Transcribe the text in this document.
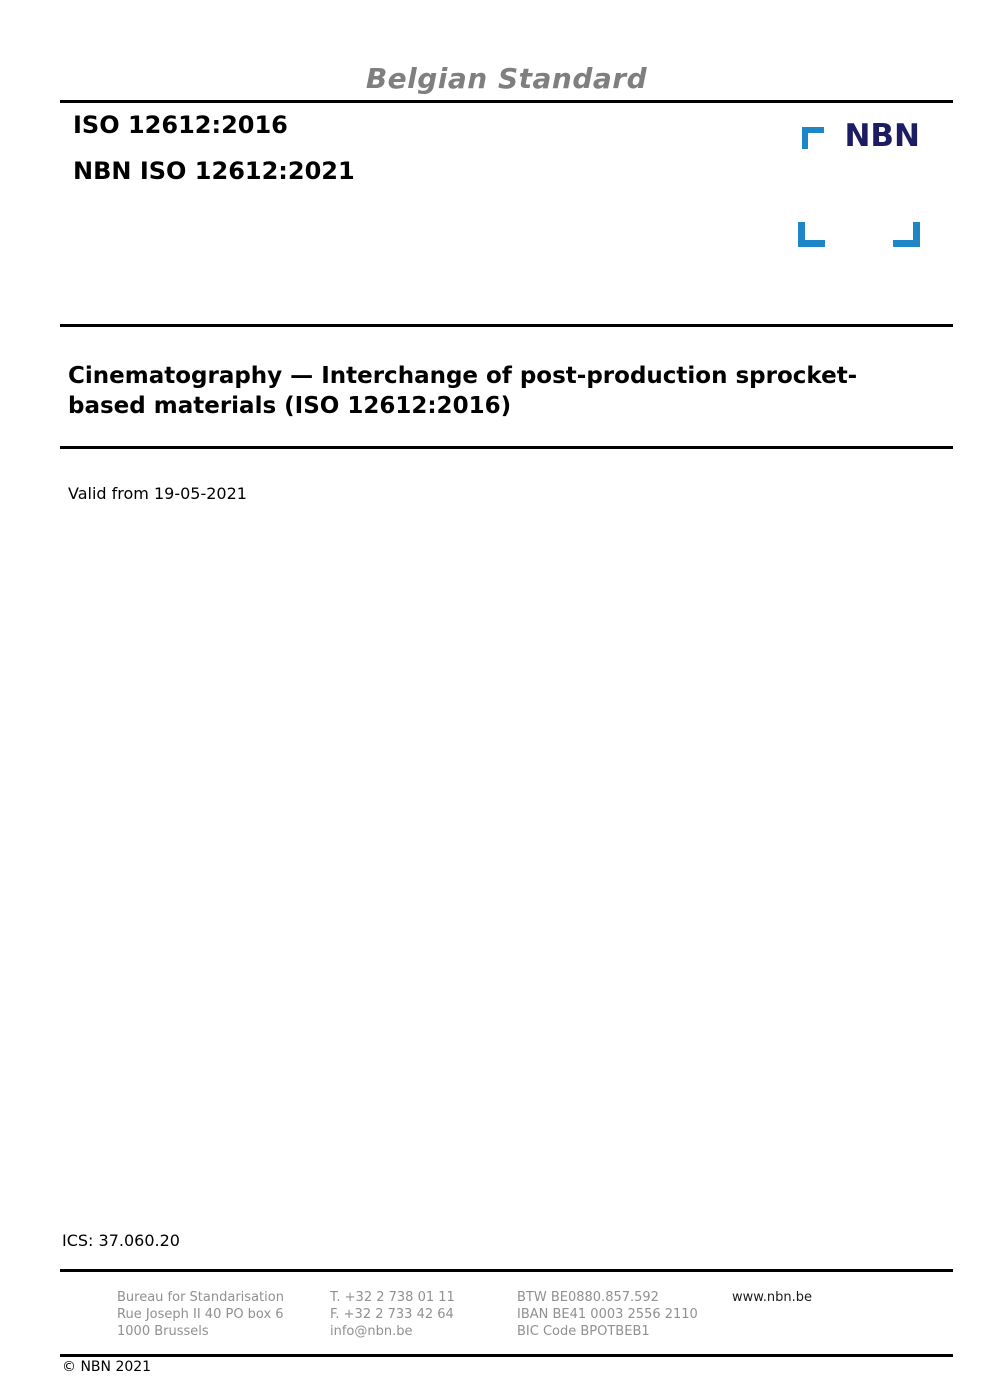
Belgian Standard
ISO 12612:2016
NBN ISO 12612:2021
NBN
Cinematography — Interchange of post-production sprocket-
based materials (ISO 12612:2016)
Valid from 19-05-2021
ICS: 37.060.20
Bureau for Standarisation
Rue Joseph II 40 PO box 6
1000 Brussels
T. +32 2 738 01 11
F. +32 2 733 42 64
info@nbn.be
BTW BE0880.857.592
IBAN BE41 0003 2556 2110
BIC Code BPOTBEB1
www.nbn.be
© NBN 2021
